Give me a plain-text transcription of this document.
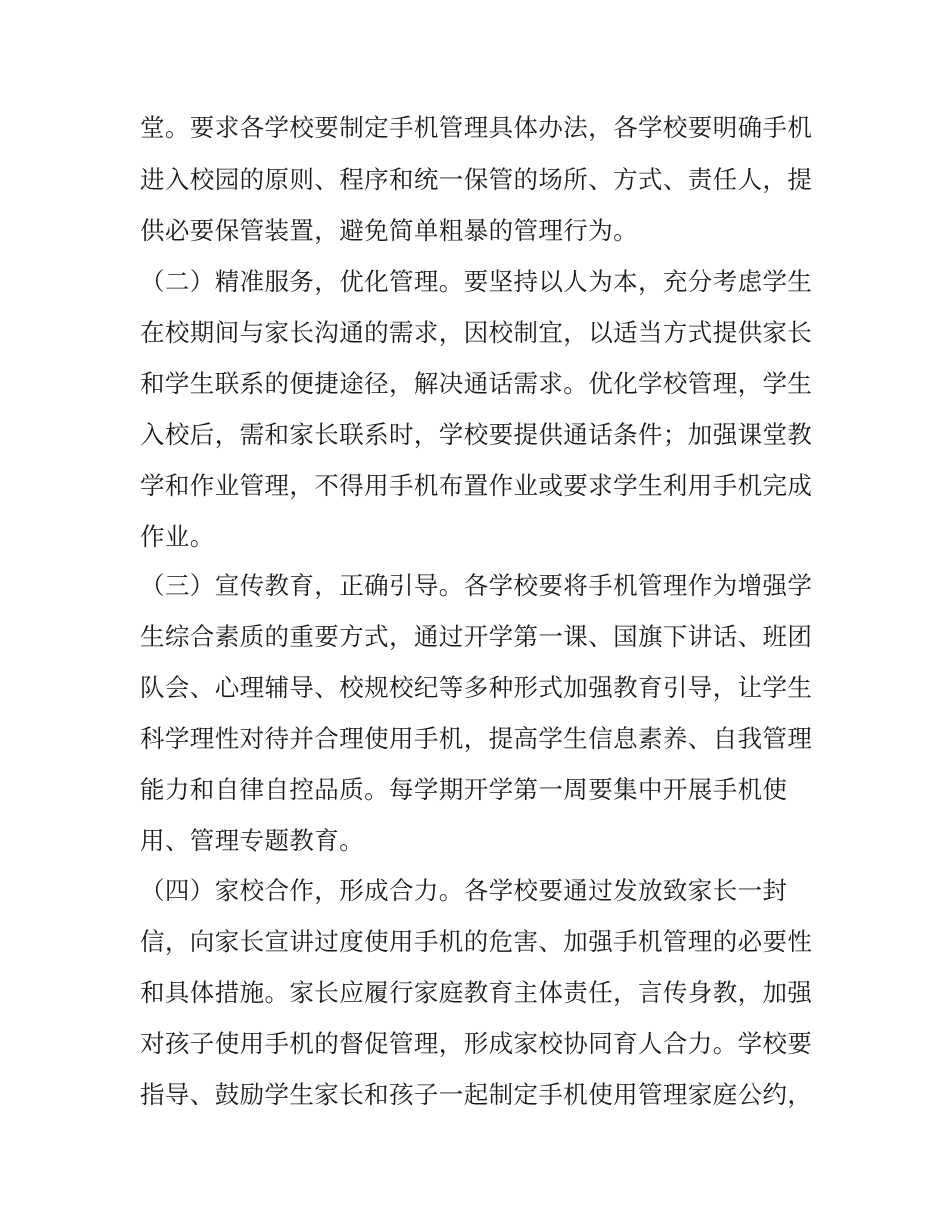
堂。要求各学校要制定手机管理具体办法，各学校要明确手机
进入校园的原则、程序和统一保管的场所、方式、责任人，提
供必要保管装置，避免简单粗暴的管理行为。
（二）精准服务，优化管理。要坚持以人为本，充分考虑学生
在校期间与家长沟通的需求，因校制宜，以适当方式提供家长
和学生联系的便捷途径，解决通话需求。优化学校管理，学生
入校后，需和家长联系时，学校要提供通话条件；加强课堂教
学和作业管理，不得用手机布置作业或要求学生利用手机完成
作业。
（三）宣传教育，正确引导。各学校要将手机管理作为增强学
生综合素质的重要方式，通过开学第一课、国旗下讲话、班团
队会、心理辅导、校规校纪等多种形式加强教育引导，让学生
科学理性对待并合理使用手机，提高学生信息素养、自我管理
能力和自律自控品质。每学期开学第一周要集中开展手机使
用、管理专题教育。
（四）家校合作，形成合力。各学校要通过发放致家长一封
信，向家长宣讲过度使用手机的危害、加强手机管理的必要性
和具体措施。家长应履行家庭教育主体责任，言传身教，加强
对孩子使用手机的督促管理，形成家校协同育人合力。学校要
指导、鼓励学生家长和孩子一起制定手机使用管理家庭公约，
